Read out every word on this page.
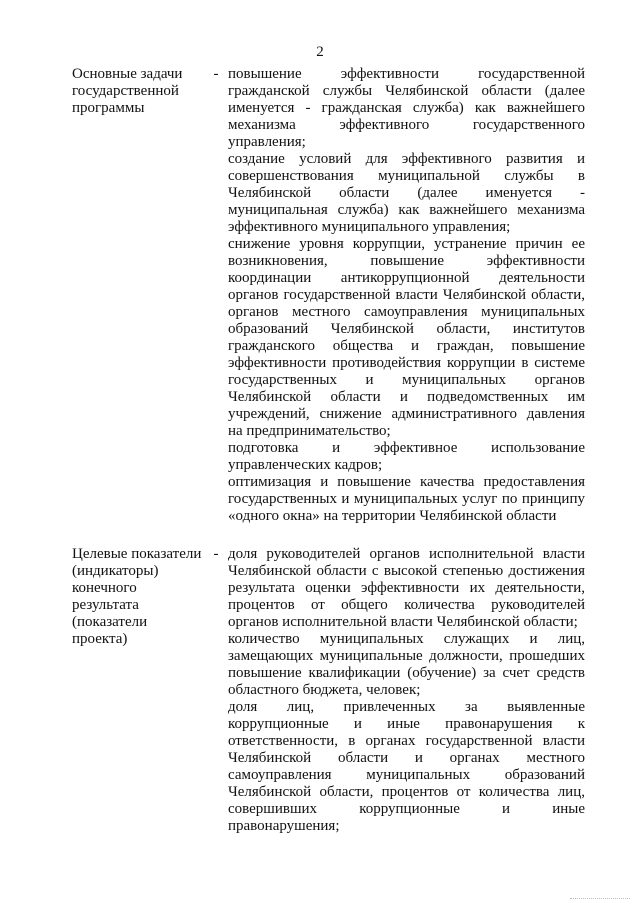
2
Основные задачи
государственной
программы
- повышение эффективности государственной гражданской службы Челябинской области (далее именуется - гражданская служба) как важнейшего механизма эффективного государственного управления;

создание условий для эффективного развития и совершенствования муниципальной службы в Челябинской области (далее именуется - муниципальная служба) как важнейшего механизма эффективного муниципального управления;

снижение уровня коррупции, устранение причин ее возникновения, повышение эффективности координации антикоррупционной деятельности органов государственной власти Челябинской области, органов местного самоуправления муниципальных образований Челябинской области, институтов гражданского общества и граждан, повышение эффективности противодействия коррупции в системе государственных и муниципальных органов Челябинской области и подведомственных им учреждений, снижение административного давления на предпринимательство;

подготовка и эффективное использование управленческих кадров;

оптимизация и повышение качества предоставления государственных и муниципальных услуг по принципу «одного окна» на территории Челябинской области

Целевые показатели
(индикаторы)
конечного
результата
(показатели
проекта)
- доля руководителей органов исполнительной власти Челябинской области с высокой степенью достижения результата оценки эффективности их деятельности, процентов от общего количества руководителей органов исполнительной власти Челябинской области;

количество муниципальных служащих и лиц, замещающих муниципальные должности, прошедших повышение квалификации (обучение) за счет средств областного бюджета, человек;

доля лиц, привлеченных за выявленные коррупционные и иные правонарушения к ответственности, в органах государственной власти Челябинской области и органах местного самоуправления муниципальных образований Челябинской области, процентов от количества лиц, совершивших коррупционные и иные правонарушения;
